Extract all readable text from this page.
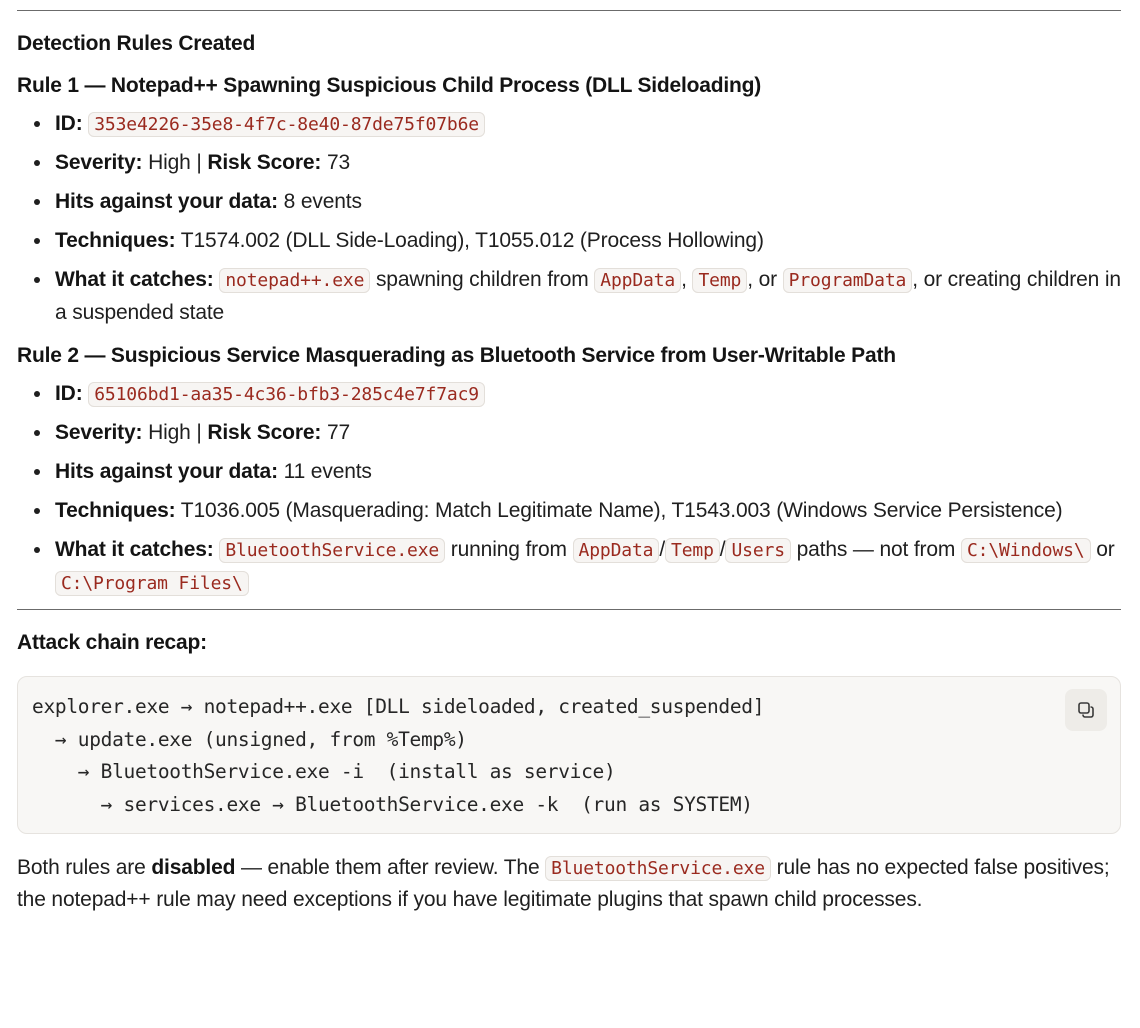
Detection Rules Created
Rule 1 — Notepad++ Spawning Suspicious Child Process (DLL Sideloading)
ID: 353e4226-35e8-4f7c-8e40-87de75f07b6e
Severity: High | Risk Score: 73
Hits against your data: 8 events
Techniques: T1574.002 (DLL Side-Loading), T1055.012 (Process Hollowing)
What it catches: notepad++.exe spawning children from AppData , Temp , or ProgramData , or creating children in a suspended state
Rule 2 — Suspicious Service Masquerading as Bluetooth Service from User-Writable Path
ID: 65106bd1-aa35-4c36-bfb3-285c4e7f7ac9
Severity: High | Risk Score: 77
Hits against your data: 11 events
Techniques: T1036.005 (Masquerading: Match Legitimate Name), T1543.003 (Windows Service Persistence)
What it catches: BluetoothService.exe running from AppData / Temp / Users paths — not from C:\Windows\ or C:\Program Files\
Attack chain recap:
explorer.exe → notepad++.exe [DLL sideloaded, created_suspended]
→ update.exe (unsigned, from %Temp%)
→ BluetoothService.exe -i  (install as service)
→ services.exe → BluetoothService.exe -k  (run as SYSTEM)

Both rules are disabled — enable them after review. The BluetoothService.exe rule has no expected false positives; the notepad++ rule may need exceptions if you have legitimate plugins that spawn child processes.
